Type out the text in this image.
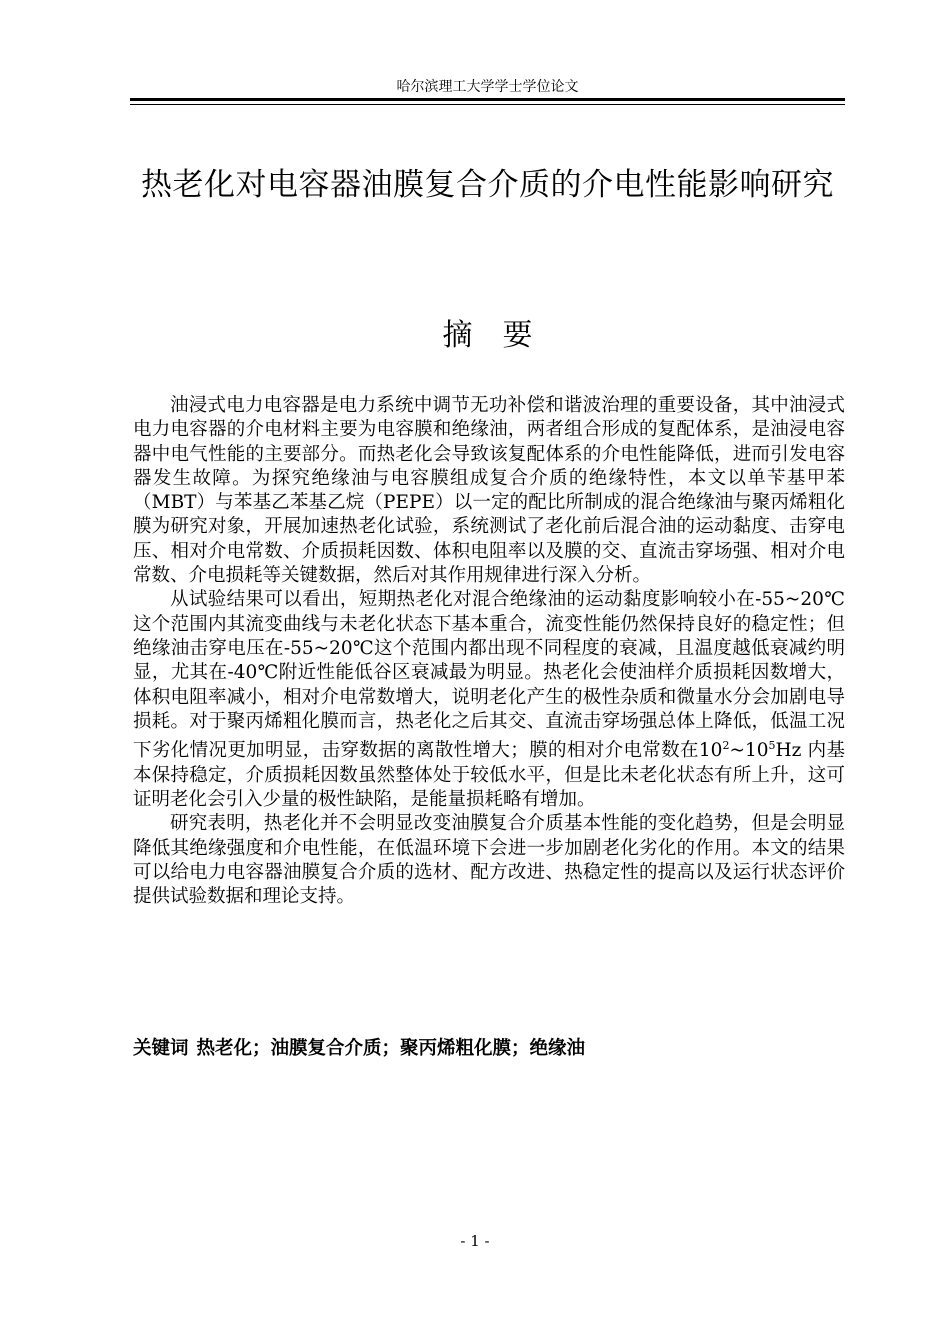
哈尔滨理工大学学士学位论文
热老化对电容器油膜复合介质的介电性能影响研究
摘　要

油浸式电力电容器是电力系统中调节无功补偿和谐波治理的重要设备，其中油浸式电力电容器的介电材料主要为电容膜和绝缘油，两者组合形成的复配体系，是油浸电容器中电气性能的主要部分。而热老化会导致该复配体系的介电性能降低，进而引发电容器发生故障。为探究绝缘油与电容膜组成复合介质的绝缘特性，本文以单苄基甲苯（MBT）与苯基乙苯基乙烷（PEPE）以一定的配比所制成的混合绝缘油与聚丙烯粗化膜为研究对象，开展加速热老化试验，系统测试了老化前后混合油的运动黏度、击穿电压、相对介电常数、介质损耗因数、体积电阻率以及膜的交、直流击穿场强、相对介电常数、介电损耗等关键数据，然后对其作用规律进行深入分析。

从试验结果可以看出，短期热老化对混合绝缘油的运动黏度影响较小在-55~20℃这个范围内其流变曲线与未老化状态下基本重合，流变性能仍然保持良好的稳定性；但绝缘油击穿电压在-55~20℃这个范围内都出现不同程度的衰减，且温度越低衰减约明显，尤其在-40℃附近性能低谷区衰减最为明显。热老化会使油样介质损耗因数增大，体积电阻率减小，相对介电常数增大，说明老化产生的极性杂质和微量水分会加剧电导损耗。对于聚丙烯粗化膜而言，热老化之后其交、直流击穿场强总体上降低，低温工况下劣化情况更加明显，击穿数据的离散性增大；膜的相对介电常数在$10^2\sim 10^5Hz$ 内基本保持稳定，介质损耗因数虽然整体处于较低水平，但是比未老化状态有所上升，这可证明老化会引入少量的极性缺陷，是能量损耗略有增加。

研究表明，热老化并不会明显改变油膜复合介质基本性能的变化趋势，但是会明显降低其绝缘强度和介电性能，在低温环境下会进一步加剧老化劣化的作用。本文的结果可以给电力电容器油膜复合介质的选材、配方改进、热稳定性的提高以及运行状态评价提供试验数据和理论支持。

关键词 热老化；油膜复合介质；聚丙烯粗化膜；绝缘油
- 1 -
